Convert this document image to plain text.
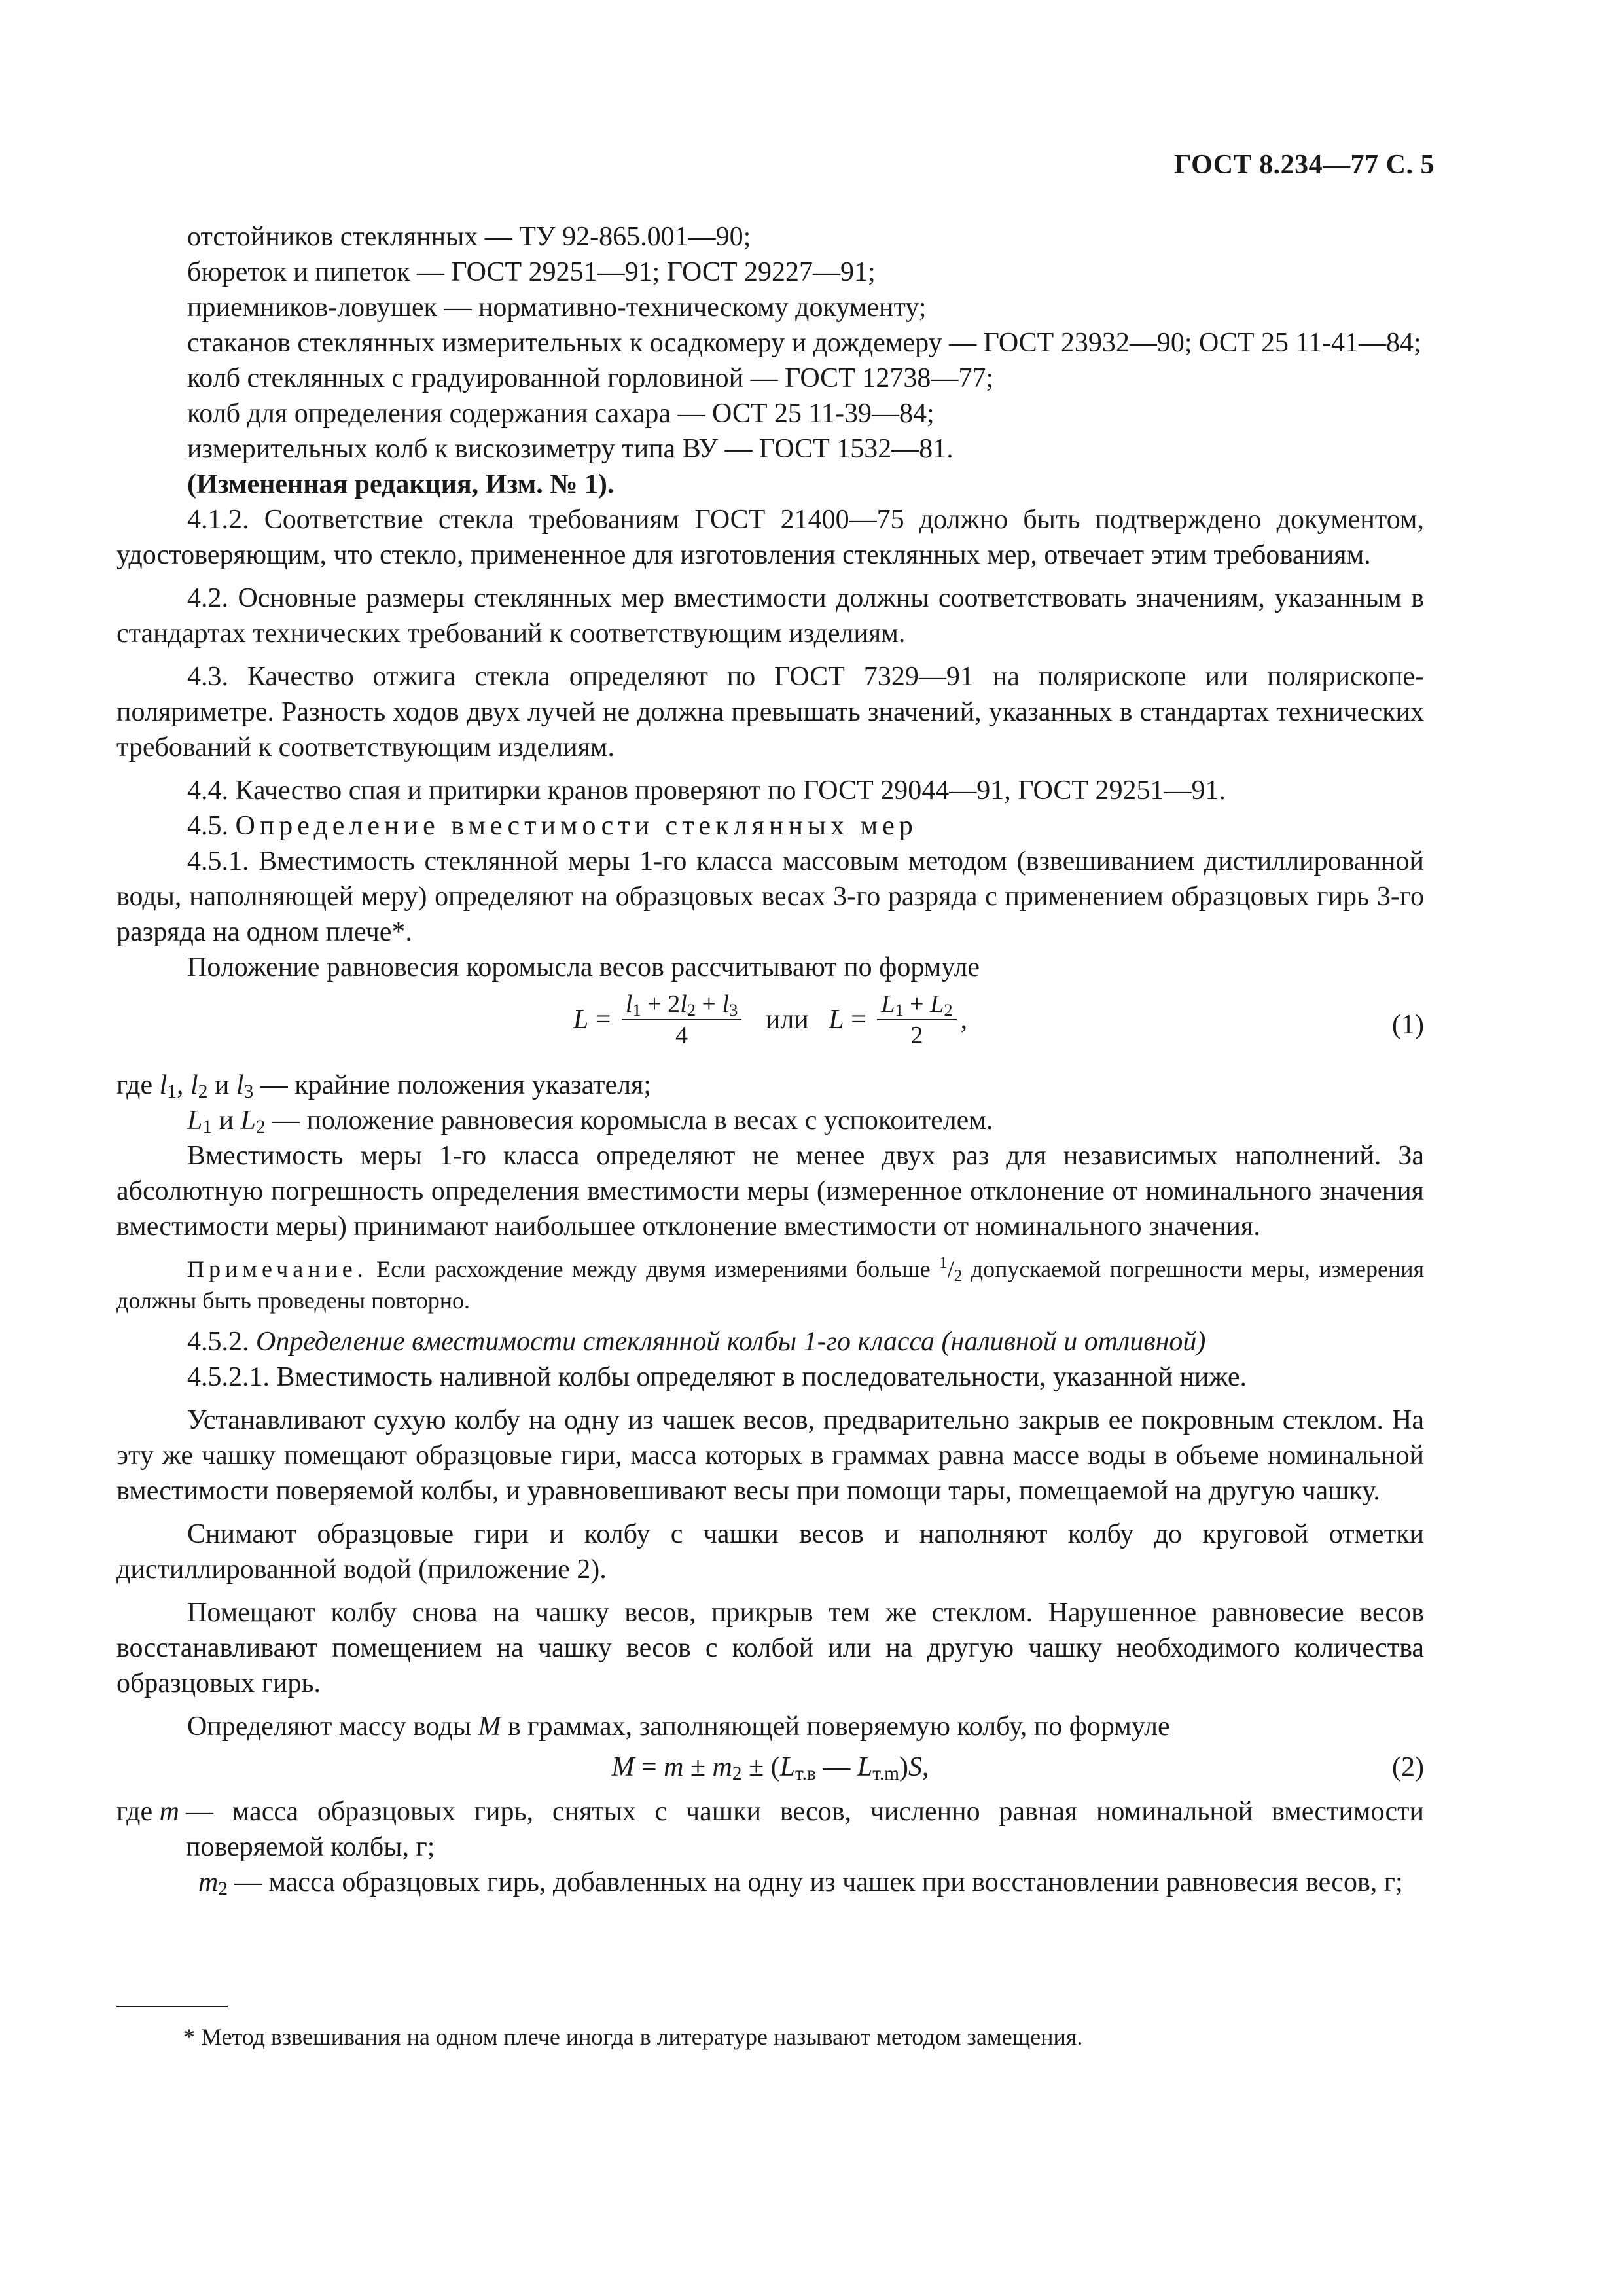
ГОСТ 8.234—77 С. 5

отстойников стеклянных — ТУ 92-865.001—90;

бюреток и пипеток — ГОСТ 29251—91; ГОСТ 29227—91;

приемников-ловушек — нормативно-техническому документу;

стаканов стеклянных измерительных к осадкомеру и дождемеру — ГОСТ 23932—90; ОСТ 25 11-41—84;

колб стеклянных с градуированной горловиной — ГОСТ 12738—77;

колб для определения содержания сахара — ОСТ 25 11-39—84;

измерительных колб к вискозиметру типа ВУ — ГОСТ 1532—81.

(Измененная редакция, Изм. № 1).

4.1.2. Соответствие стекла требованиям ГОСТ 21400—75 должно быть подтверждено документом, удостоверяющим, что стекло, примененное для изготовления стеклянных мер, отвечает этим требованиям.

4.2. Основные размеры стеклянных мер вместимости должны соответствовать значениям, указанным в стандартах технических требований к соответствующим изделиям.

4.3. Качество отжига стекла определяют по ГОСТ 7329—91 на полярископе или полярископе-поляриметре. Разность ходов двух лучей не должна превышать значений, указанных в стандартах технических требований к соответствующим изделиям.

4.4. Качество спая и притирки кранов проверяют по ГОСТ 29044—91, ГОСТ 29251—91.

4.5. Определение вместимости стеклянных мер

4.5.1. Вместимость стеклянной меры 1-го класса массовым методом (взвешиванием дистиллированной воды, наполняющей меру) определяют на образцовых весах 3-го разряда с применением образцовых гирь 3-го разряда на одном плече*.

Положение равновесия коромысла весов рассчитывают по формуле

$L = \frac{l_1 + 2l_2 + l_3}{4}$ или $L = \frac{L_1 + L_2}{2}$ ,	(1)

где $l_1$, $l_2$ и $l_3$ — крайние положения указателя;

$L_1$ и $L_2$ — положение равновесия коромысла в весах с успокоителем.

Вместимость меры 1-го класса определяют не менее двух раз для независимых наполнений. За абсолютную погрешность определения вместимости меры (измеренное отклонение от номинального значения вместимости меры) принимают наибольшее отклонение вместимости от номинального значения.

Примечание. Если расхождение между двумя измерениями больше $^1/_2$ допускаемой погрешности меры, измерения должны быть проведены повторно.

4.5.2. Определение вместимости стеклянной колбы 1-го класса (наливной и отливной)

4.5.2.1. Вместимость наливной колбы определяют в последовательности, указанной ниже.

Устанавливают сухую колбу на одну из чашек весов, предварительно закрыв ее покровным стеклом. На эту же чашку помещают образцовые гири, масса которых в граммах равна массе воды в объеме номинальной вместимости поверяемой колбы, и уравновешивают весы при помощи тары, помещаемой на другую чашку.

Снимают образцовые гири и колбу с чашки весов и наполняют колбу до круговой отметки дистиллированной водой (приложение 2).

Помещают колбу снова на чашку весов, прикрыв тем же стеклом. Нарушенное равновесие весов восстанавливают помещением на чашку весов с колбой или на другую чашку необходимого количества образцовых гирь.

Определяют массу воды M в граммах, заполняющей поверяемую колбу, по формуле

$M = m \pm m_2 \pm (L_{т.в}$ — $L_{т.m})S$,	(2)
где m — масса образцовых гирь, снятых с чашки весов, численно равная номинальной вместимости поверяемой колбы, г;
$m_2$ — масса образцовых гирь, добавленных на одну из чашек при восстановлении равновесия весов, г;
* Метод взвешивания на одном плече иногда в литературе называют методом замещения.
